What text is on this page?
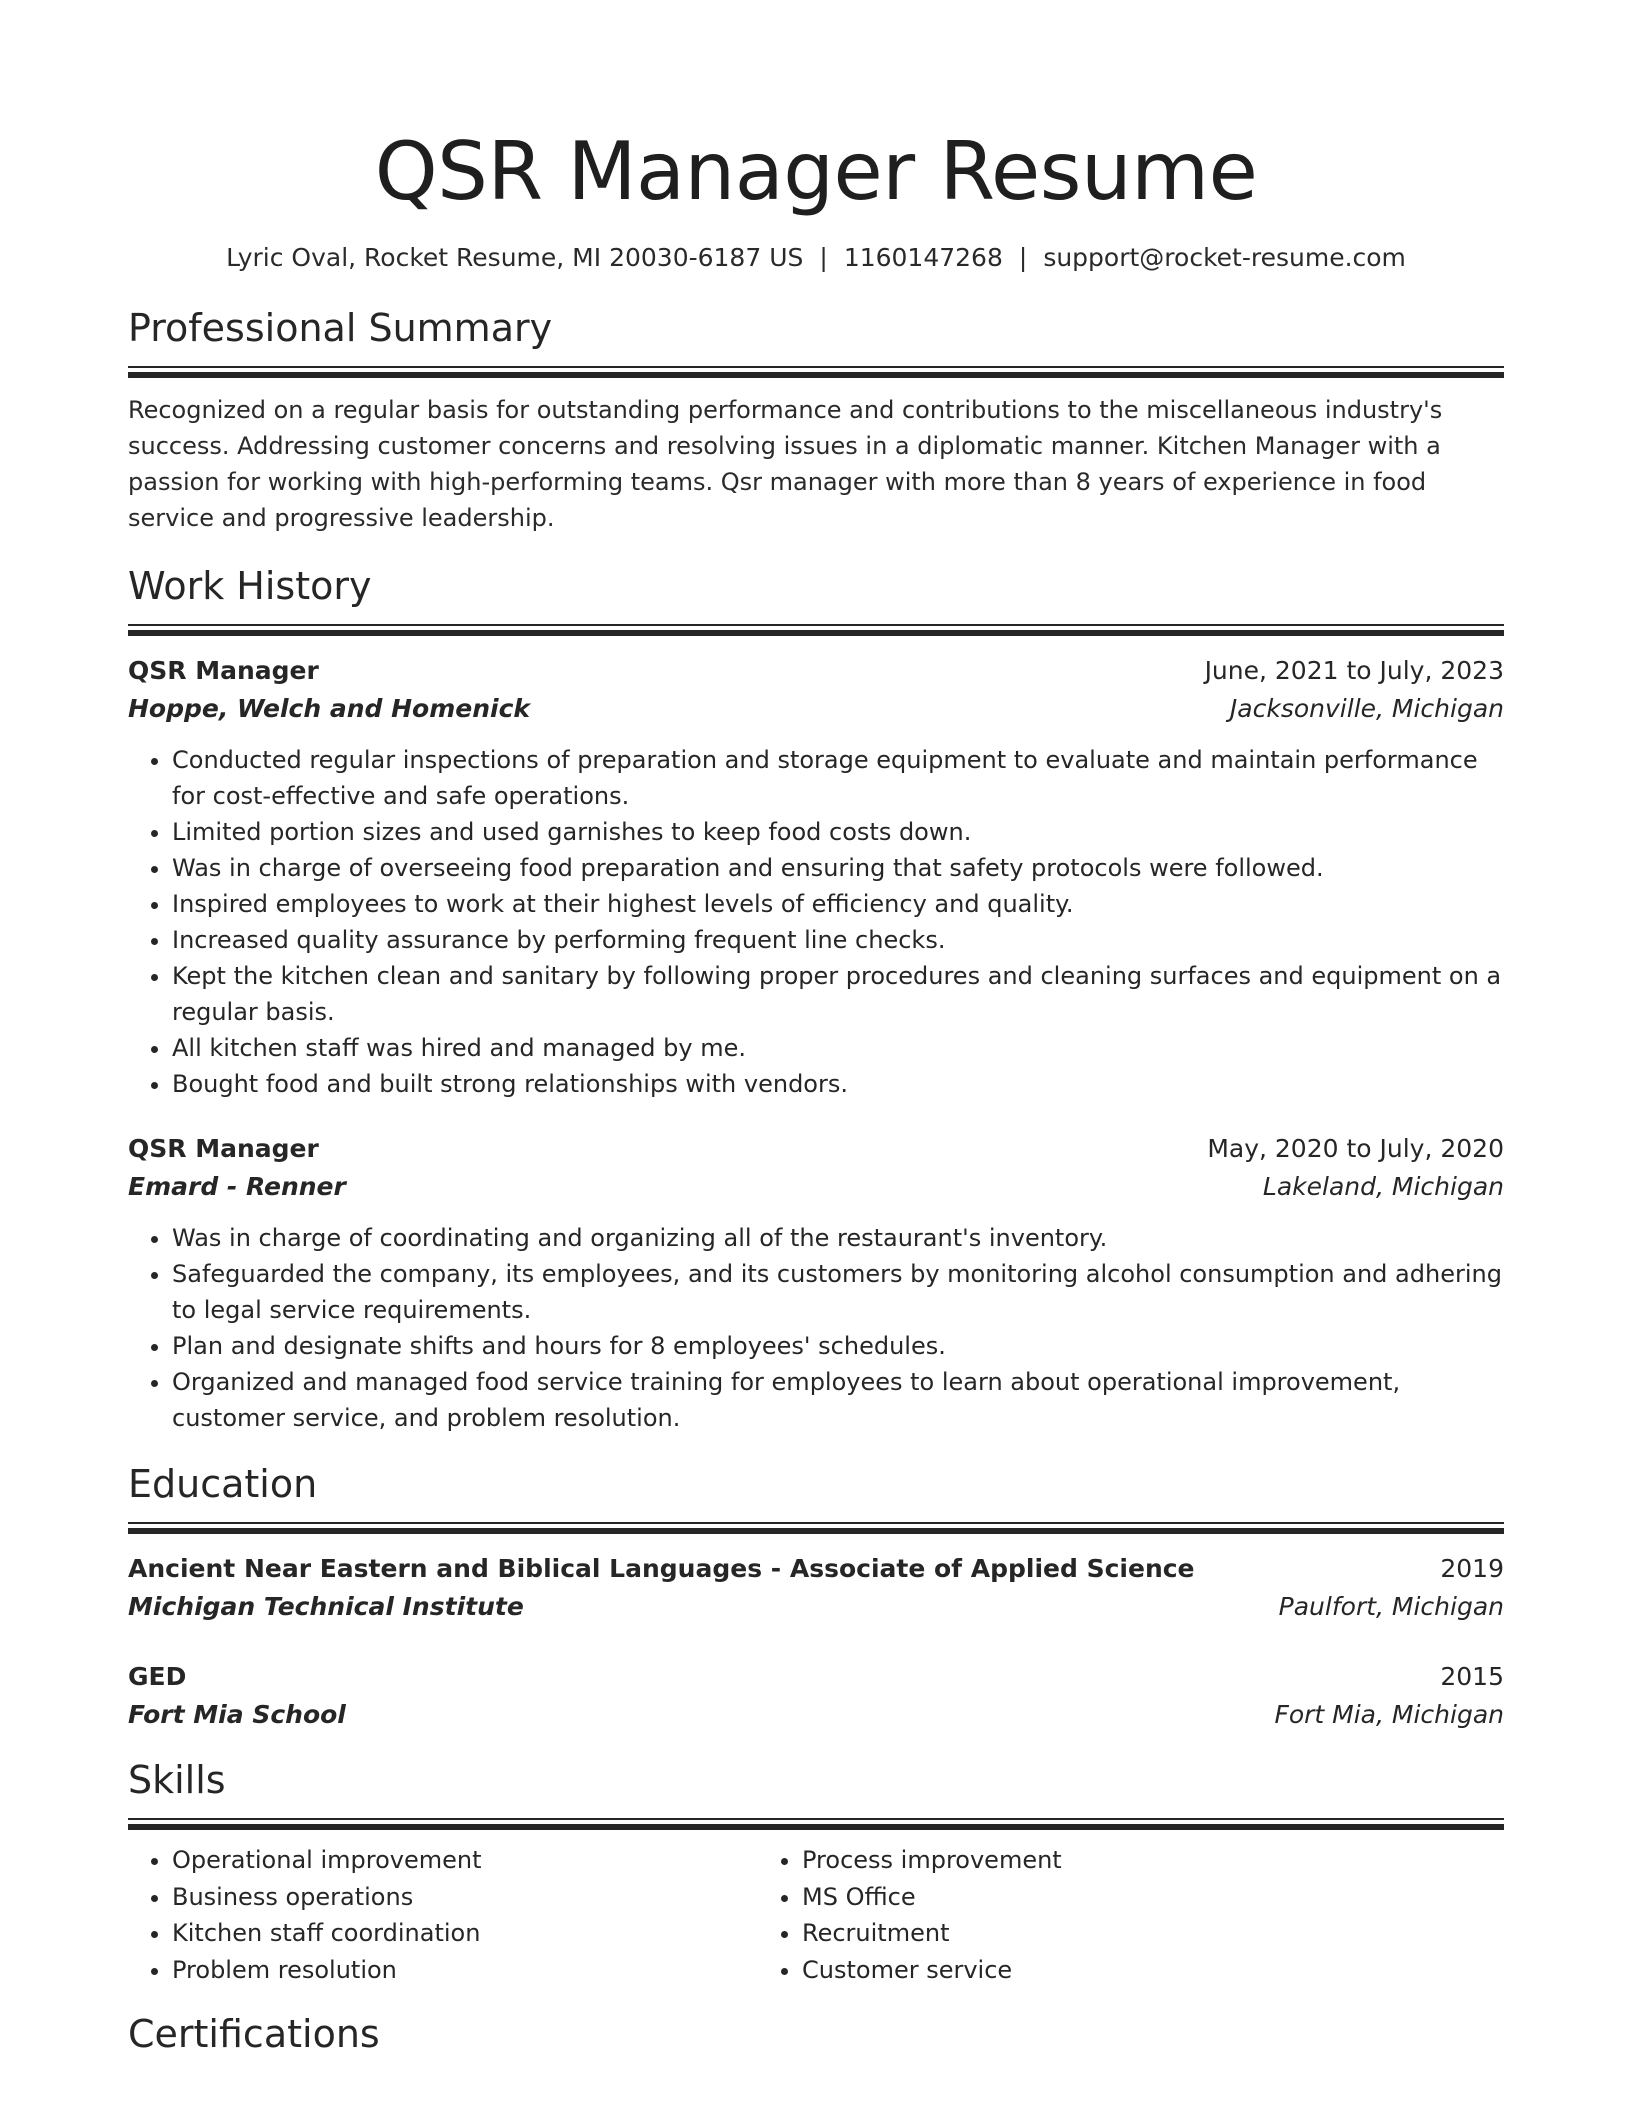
QSR Manager Resume
Lyric Oval, Rocket Resume, MI 20030-6187 US | 1160147268 | support@rocket-resume.com
Professional Summary
Recognized on a regular basis for outstanding performance and contributions to the miscellaneous industry's success. Addressing customer concerns and resolving issues in a diplomatic manner. Kitchen Manager with a passion for working with high-performing teams. Qsr manager with more than 8 years of experience in food service and progressive leadership.
Work History
QSR Manager	June, 2021 to July, 2023
Hoppe, Welch and Homenick	Jacksonville, Michigan
• Conducted regular inspections of preparation and storage equipment to evaluate and maintain performance for cost-effective and safe operations.
• Limited portion sizes and used garnishes to keep food costs down.
• Was in charge of overseeing food preparation and ensuring that safety protocols were followed.
• Inspired employees to work at their highest levels of efficiency and quality.
• Increased quality assurance by performing frequent line checks.
• Kept the kitchen clean and sanitary by following proper procedures and cleaning surfaces and equipment on a regular basis.
• All kitchen staff was hired and managed by me.
• Bought food and built strong relationships with vendors.
QSR Manager	May, 2020 to July, 2020
Emard - Renner	Lakeland, Michigan
• Was in charge of coordinating and organizing all of the restaurant's inventory.
• Safeguarded the company, its employees, and its customers by monitoring alcohol consumption and adhering to legal service requirements.
• Plan and designate shifts and hours for 8 employees' schedules.
• Organized and managed food service training for employees to learn about operational improvement, customer service, and problem resolution.
Education
Ancient Near Eastern and Biblical Languages - Associate of Applied Science	2019
Michigan Technical Institute	Paulfort, Michigan
GED	2015
Fort Mia School	Fort Mia, Michigan
Skills
• Operational improvement
• Business operations
• Kitchen staff coordination
• Problem resolution
• Process improvement
• MS Office
• Recruitment
• Customer service
Certifications
